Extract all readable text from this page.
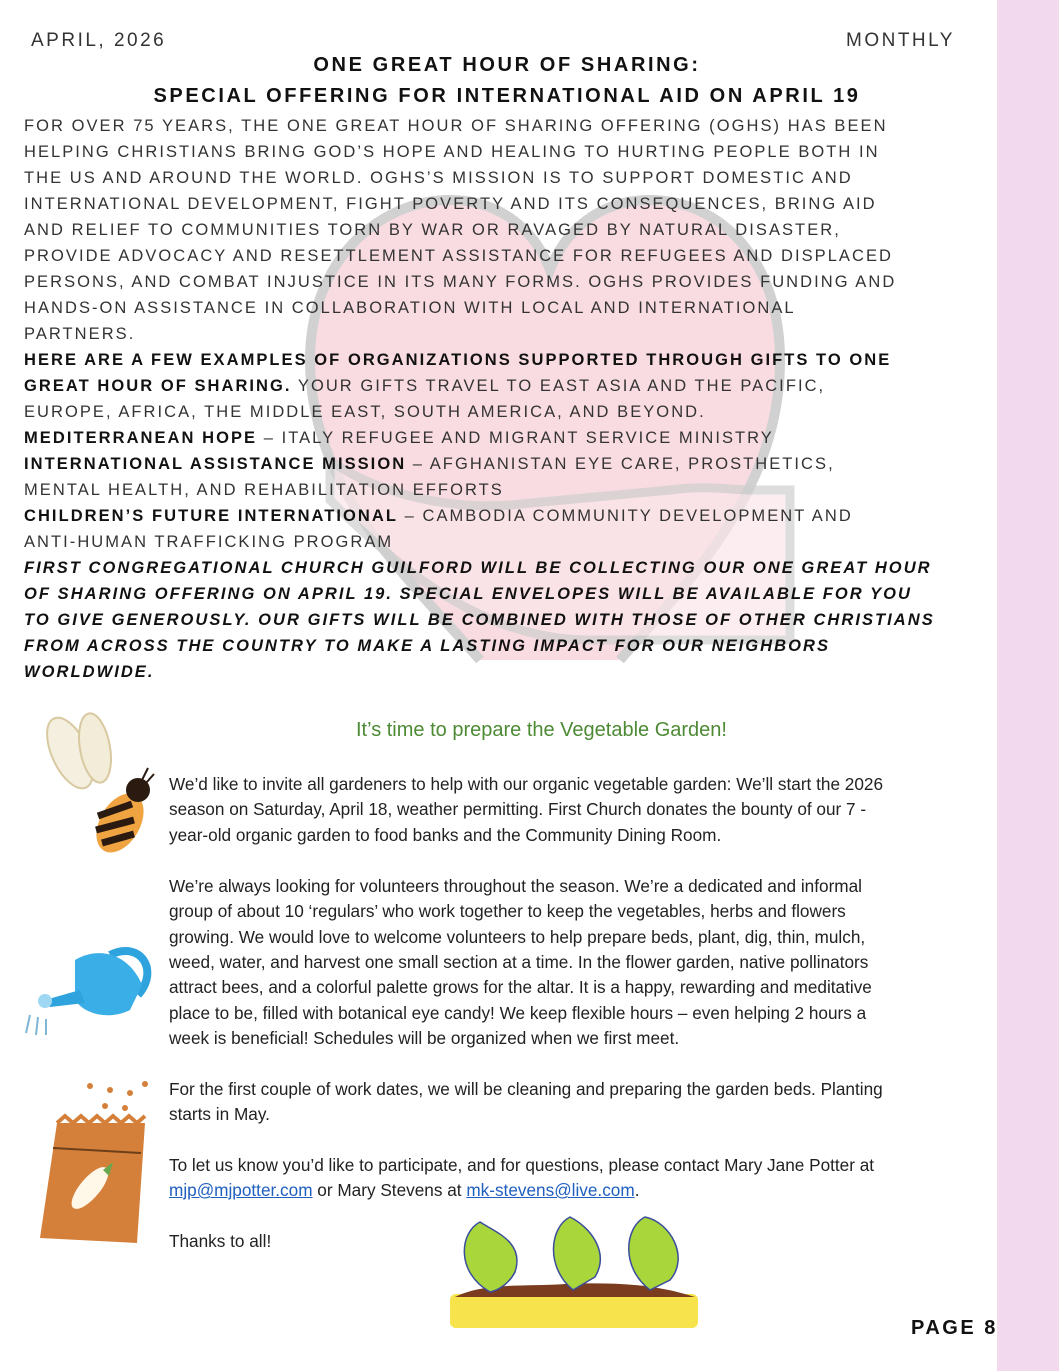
APRIL, 2026	MONTHLY
ONE GREAT HOUR OF SHARING:
SPECIAL OFFERING FOR INTERNATIONAL AID ON APRIL 19
FOR OVER 75 YEARS, THE ONE GREAT HOUR OF SHARING OFFERING (OGHS) HAS BEEN
HELPING CHRISTIANS BRING GOD’S HOPE AND HEALING TO HURTING PEOPLE BOTH IN
THE US AND AROUND THE WORLD. OGHS’S MISSION IS TO SUPPORT DOMESTIC AND
INTERNATIONAL DEVELOPMENT, FIGHT POVERTY AND ITS CONSEQUENCES, BRING AID
AND RELIEF TO COMMUNITIES TORN BY WAR OR RAVAGED BY NATURAL DISASTER,
PROVIDE ADVOCACY AND RESETTLEMENT ASSISTANCE FOR REFUGEES AND DISPLACED
PERSONS, AND COMBAT INJUSTICE IN ITS MANY FORMS. OGHS PROVIDES FUNDING AND
HANDS-ON ASSISTANCE IN COLLABORATION WITH LOCAL AND INTERNATIONAL
PARTNERS.
HERE ARE A FEW EXAMPLES OF ORGANIZATIONS SUPPORTED THROUGH GIFTS TO ONE
GREAT HOUR OF SHARING. YOUR GIFTS TRAVEL TO EAST ASIA AND THE PACIFIC,
EUROPE, AFRICA, THE MIDDLE EAST, SOUTH AMERICA, AND BEYOND.
MEDITERRANEAN HOPE – ITALY REFUGEE AND MIGRANT SERVICE MINISTRY
INTERNATIONAL ASSISTANCE MISSION – AFGHANISTAN EYE CARE, PROSTHETICS,
MENTAL HEALTH, AND REHABILITATION EFFORTS
CHILDREN’S FUTURE INTERNATIONAL – CAMBODIA COMMUNITY DEVELOPMENT AND
ANTI-HUMAN TRAFFICKING PROGRAM
FIRST CONGREGATIONAL CHURCH GUILFORD WILL BE COLLECTING OUR ONE GREAT HOUR
OF SHARING OFFERING ON APRIL 19. SPECIAL ENVELOPES WILL BE AVAILABLE FOR YOU
TO GIVE GENEROUSLY. OUR GIFTS WILL BE COMBINED WITH THOSE OF OTHER CHRISTIANS
FROM ACROSS THE COUNTRY TO MAKE A LASTING IMPACT FOR OUR NEIGHBORS
WORLDWIDE.
It’s time to prepare the Vegetable Garden!
We’d like to invite all gardeners to help with our organic vegetable garden: We’ll start the 2026
season on Saturday, April 18, weather permitting. First Church donates the bounty of our 7 -
year-old organic garden to food banks and the Community Dining Room.
We’re always looking for volunteers throughout the season. We’re a dedicated and informal
group of about 10 ‘regulars’ who work together to keep the vegetables, herbs and flowers
growing. We would love to welcome volunteers to help prepare beds, plant, dig, thin, mulch,
weed, water, and harvest one small section at a time. In the flower garden, native pollinators
attract bees, and a colorful palette grows for the altar. It is a happy, rewarding and meditative
place to be, filled with botanical eye candy! We keep flexible hours – even helping 2 hours a
week is beneficial! Schedules will be organized when we first meet.
For the first couple of work dates, we will be cleaning and preparing the garden beds. Planting
starts in May.
To let us know you’d like to participate, and for questions, please contact Mary Jane Potter at
mjp@mjpotter.com or Mary Stevens at mk-stevens@live.com.
Thanks to all!
PAGE 8
